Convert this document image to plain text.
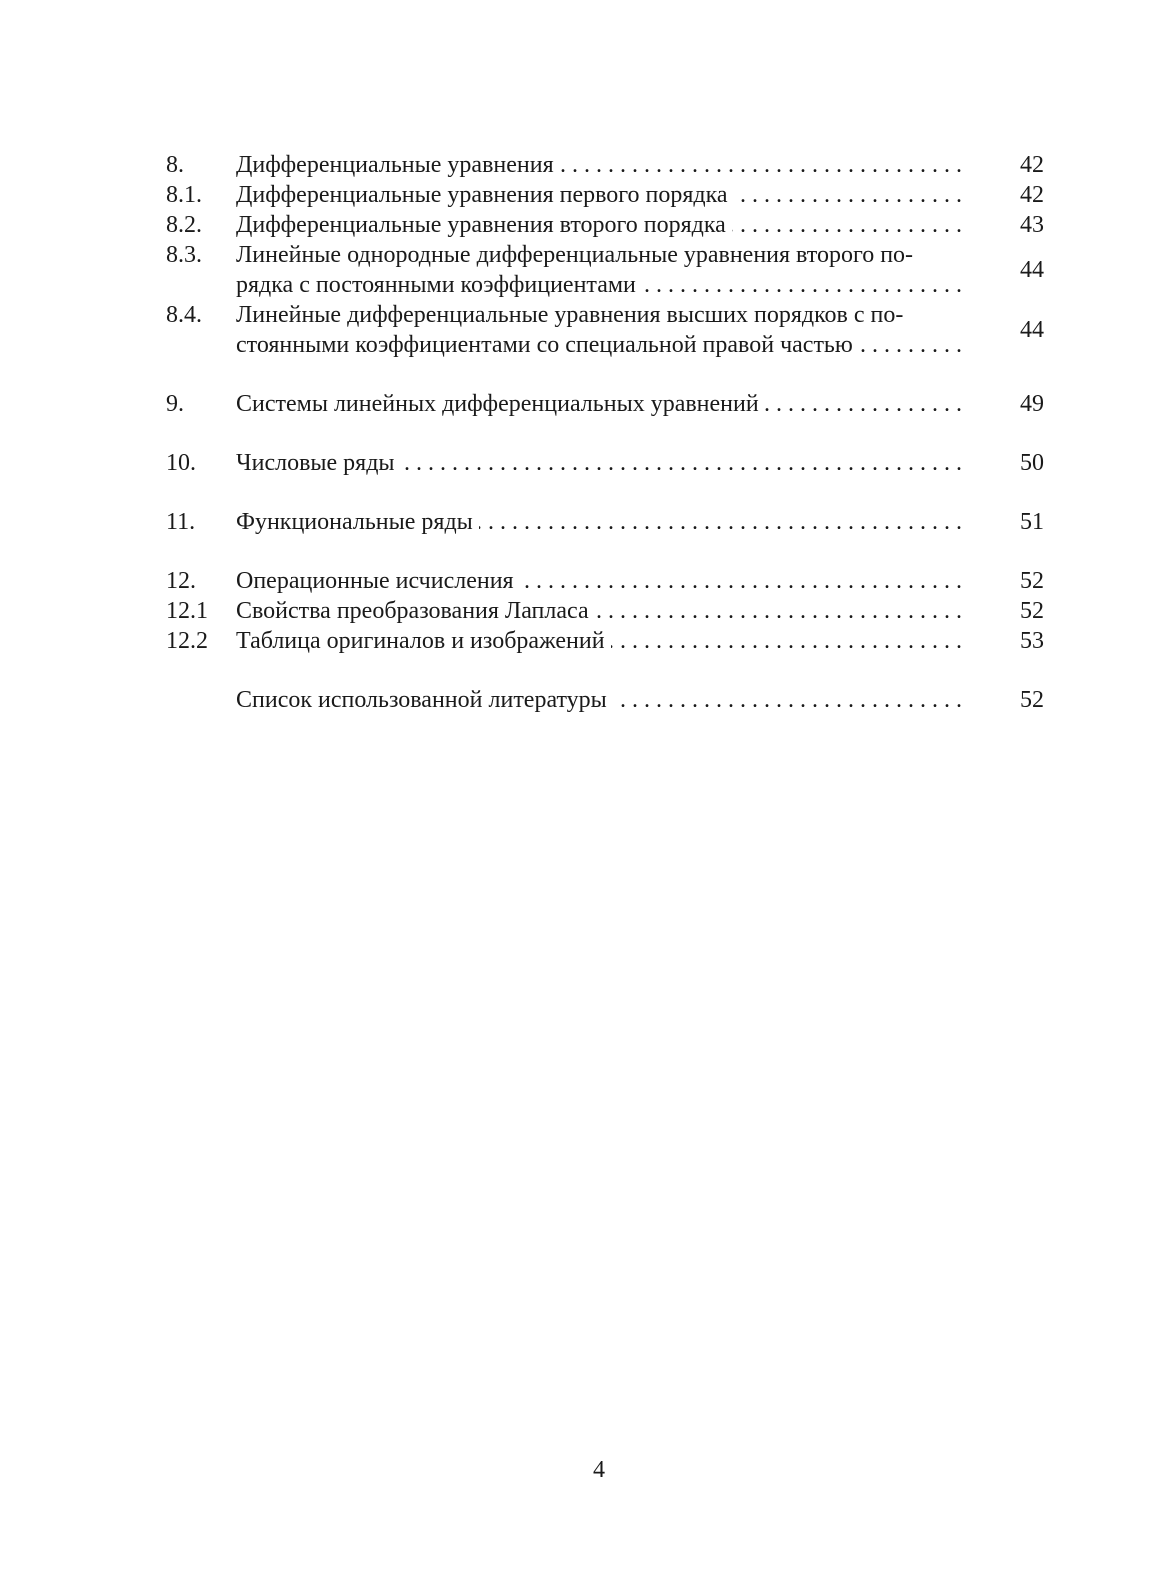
8.	Дифференциальные уравнения . . .	42
8.1.	Дифференциальные уравнения первого порядка . . .	42
8.2.	Дифференциальные уравнения второго порядка . . .	43
8.3.	Линейные однородные дифференциальные уравнения второго по-
рядка с постоянными коэффициентами . . .
44
8.4.	Линейные дифференциальные уравнения высших порядков с по-
стоянными коэффициентами со специальной правой частью . . .
44
9.	Системы линейных дифференциальных уравнений . . .	49
10.	Числовые ряды . . .	50
11.	Функциональные ряды . . .	51
12.	Операционные исчисления . . .	52
12.1	Свойства преобразования Лапласа . . .	52
12.2	Таблица оригиналов и изображений . . .	53
Список использованной литературы . . .	52
4
